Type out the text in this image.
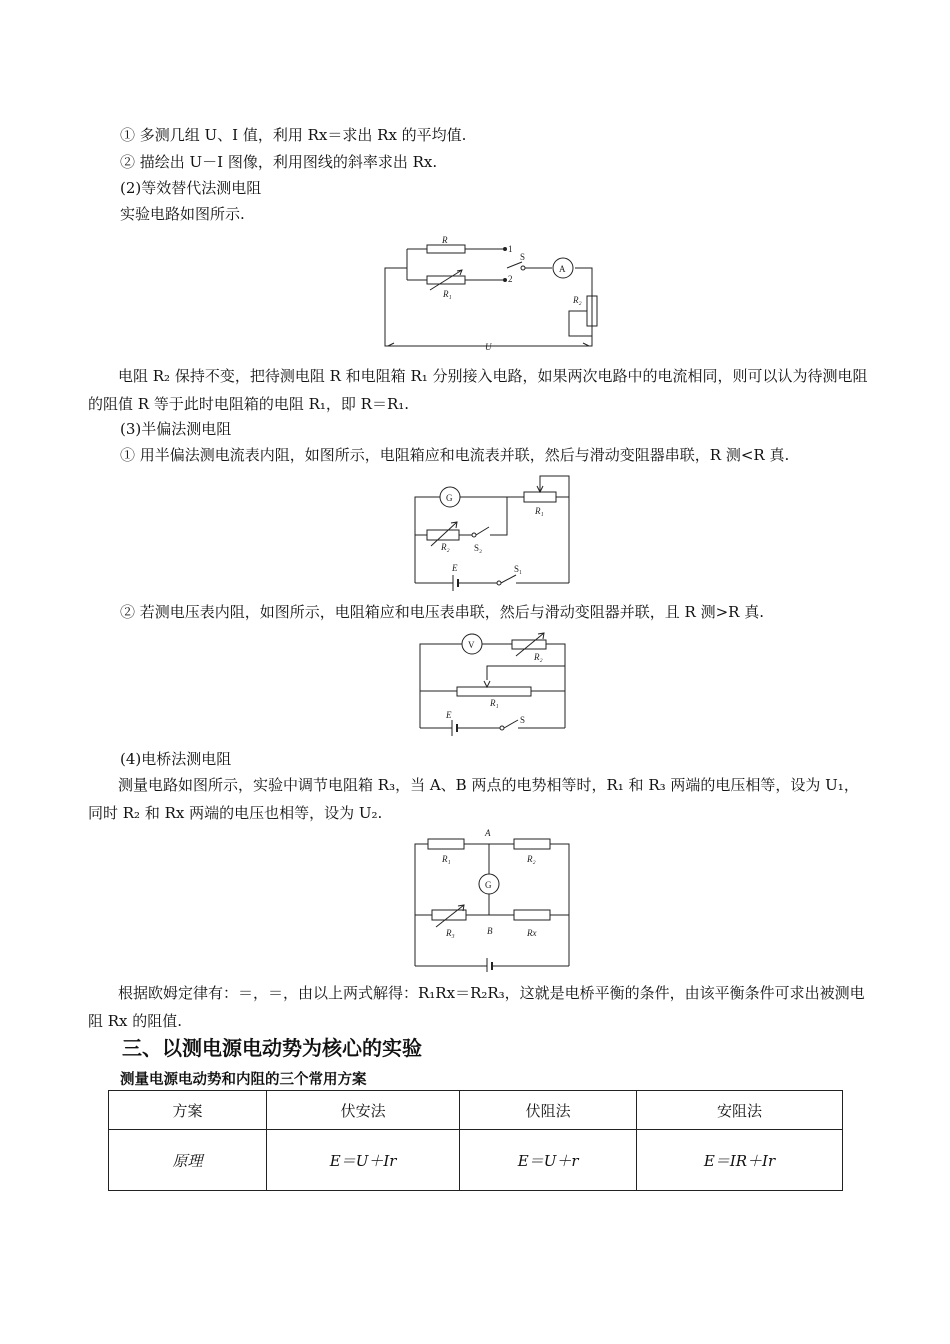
① 多测几组 U、I 值，利用 Rx＝求出 Rx 的平均值.
② 描绘出 U－I 图像，利用图线的斜率求出 Rx.
(2)等效替代法测电阻
实验电路如图所示.
R
R₁
1
2
S
A
R₂
U
电阻 R₂ 保持不变，把待测电阻 R 和电阻箱 R₁ 分别接入电路，如果两次电路中的电流相同，则可以认为待测电阻的阻值 R 等于此时电阻箱的电阻 R₁，即 R＝R₁.
(3)半偏法测电阻
① 用半偏法测电流表内阻，如图所示，电阻箱应和电流表并联，然后与滑动变阻器串联，R 测<R 真.
G
R₁
R₂	S₂
E	S₁
② 若测电压表内阻，如图所示，电阻箱应和电压表串联，然后与滑动变阻器并联，且 R 测>R 真.
V
R₂
R₁
E	S
(4)电桥法测电阻
测量电路如图所示，实验中调节电阻箱 R₃，当 A、B 两点的电势相等时，R₁ 和 R₃ 两端的电压相等，设为 U₁，同时 R₂ 和 Rx 两端的电压也相等，设为 U₂.
A
R₁	R₂
G
R₃	B	Rx
根据欧姆定律有：＝，＝，由以上两式解得：R₁Rx＝R₂R₃，这就是电桥平衡的条件，由该平衡条件可求出被测电阻 Rx 的阻值.
三、以测电源电动势为核心的实验
测量电源电动势和内阻的三个常用方案
方案	伏安法	伏阻法	安阻法
原理	E＝U＋Ir	E＝U＋r	E＝IR＋Ir
